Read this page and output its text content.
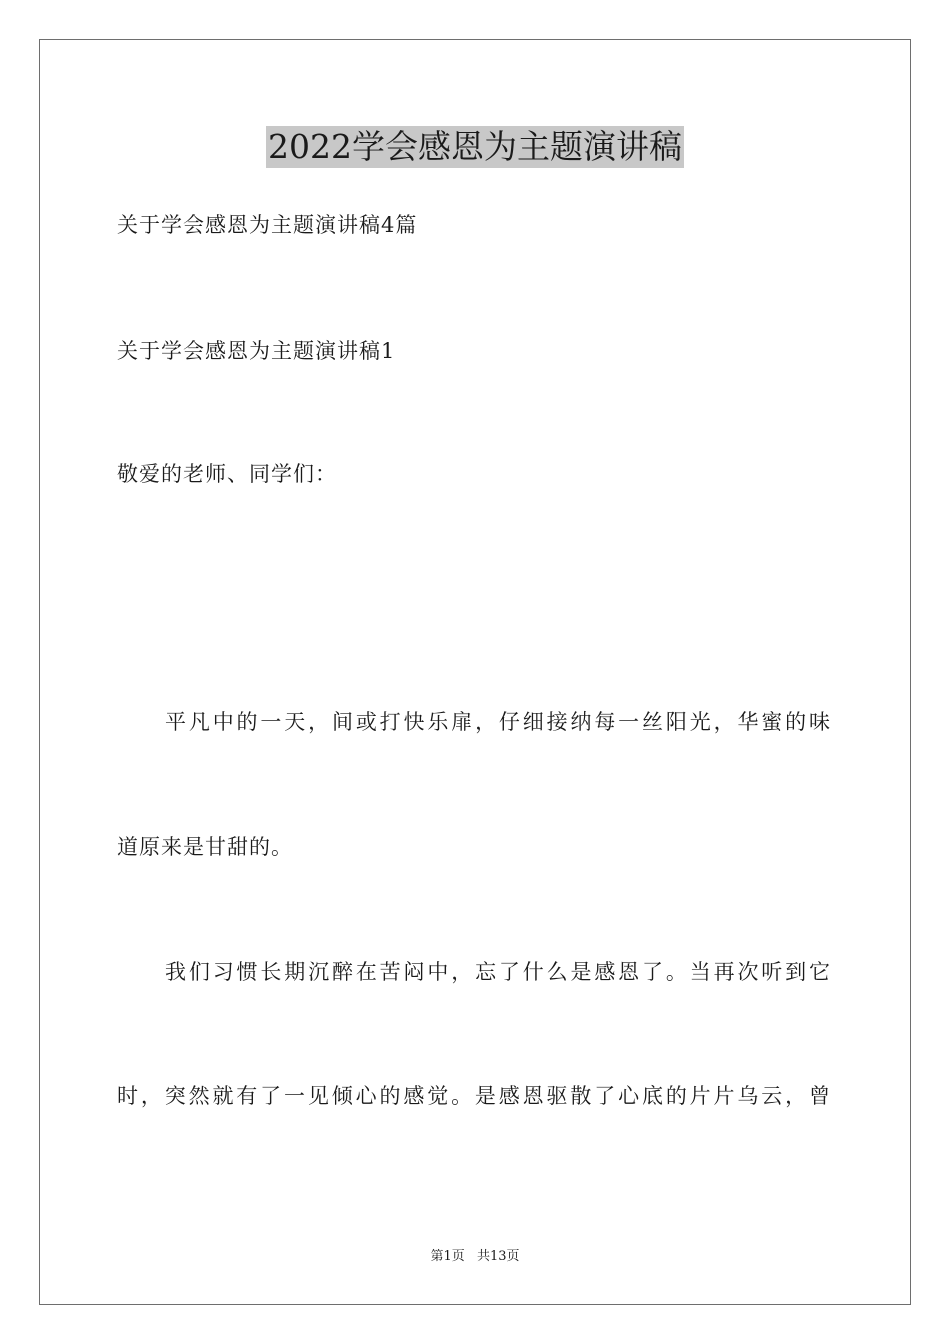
2022学会感恩为主题演讲稿
关于学会感恩为主题演讲稿4篇
关于学会感恩为主题演讲稿1
敬爱的老师、同学们：
平凡中的一天，间或打快乐扉，仔细接纳每一丝阳光，华蜜的味
道原来是甘甜的。
我们习惯长期沉醉在苦闷中，忘了什么是感恩了。当再次听到它
时，突然就有了一见倾心的感觉。是感恩驱散了心底的片片乌云，曾
第1页 共13页
